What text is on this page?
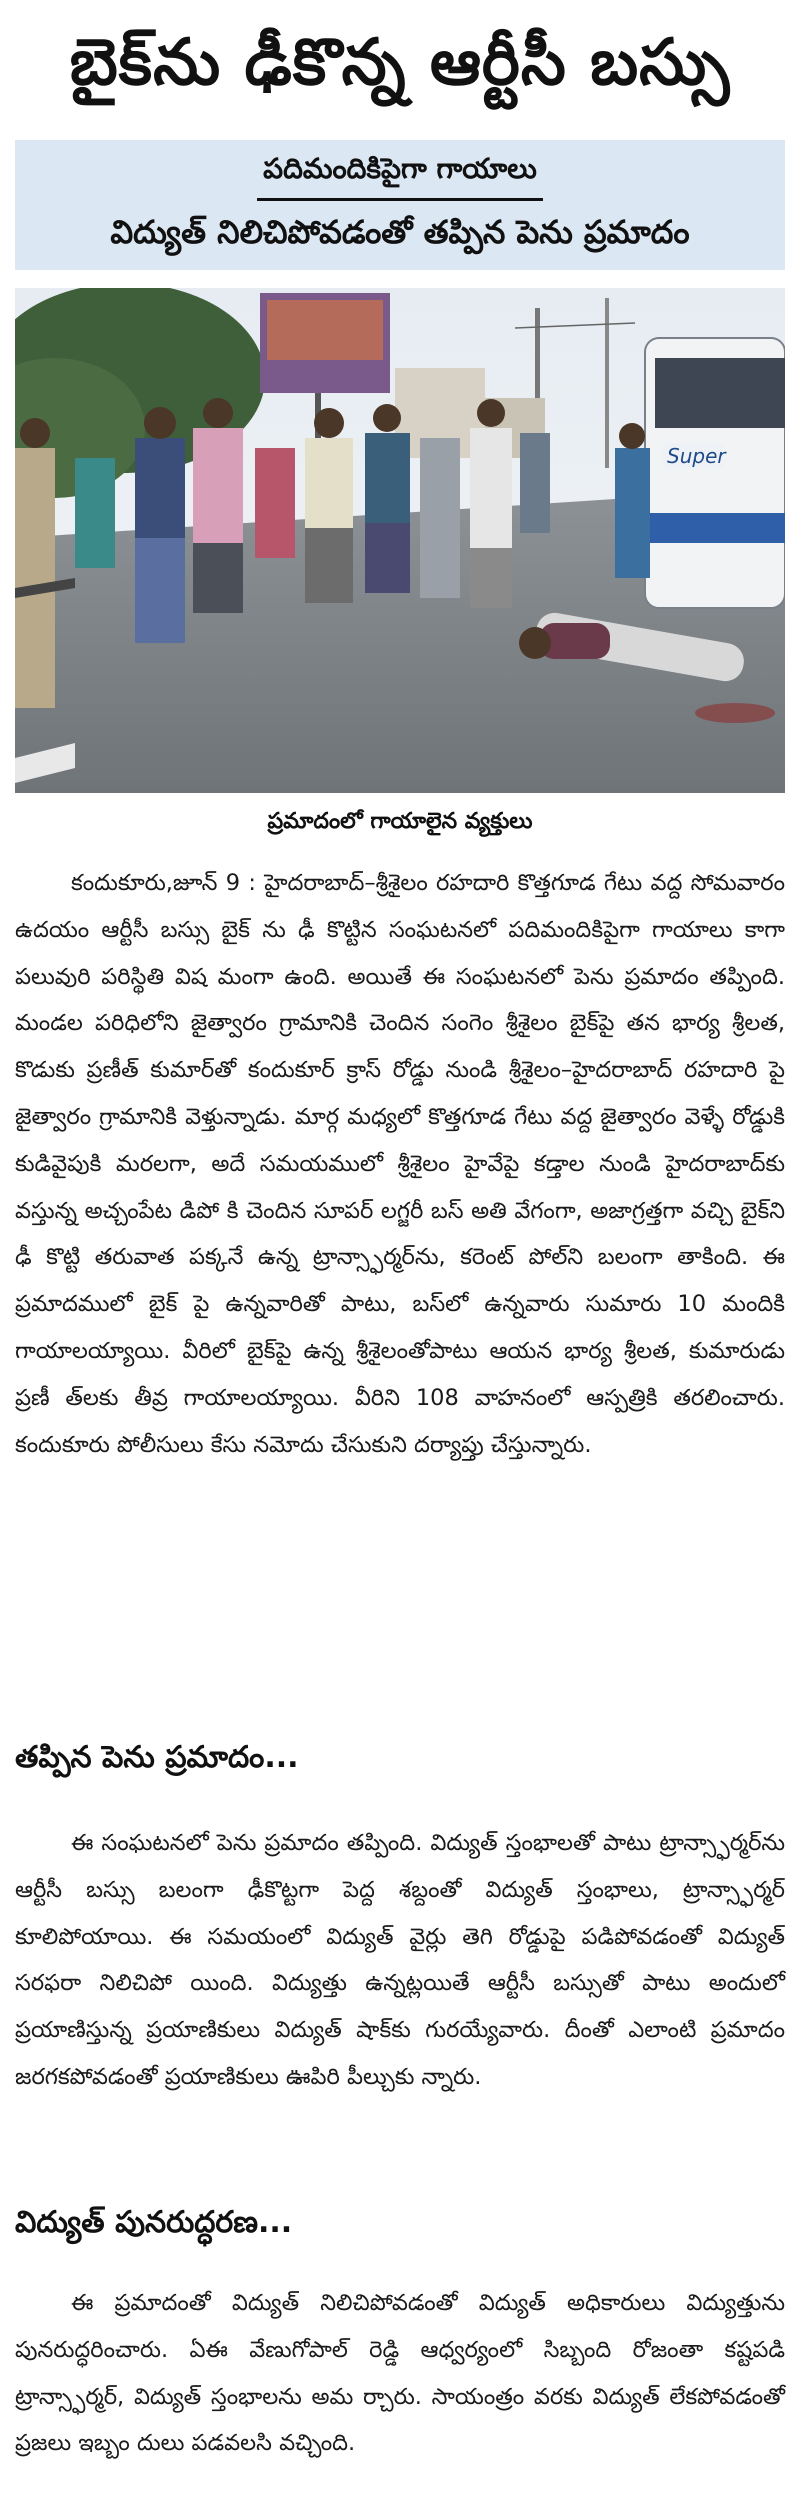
బైక్‌ను ఢీకొన్న ఆర్టీసీ బస్సు
పదిమందికిపైగా గాయాలు
విద్యుత్ నిలిచిపోవడంతో తప్పిన పెను ప్రమాదం
Super
ప్రమాదంలో గాయాలైన వ్యక్తులు

కందుకూరు,జూన్ 9 : హైదరాబాద్–శ్రీశైలం రహదారి కొత్తగూడ గేటు వద్ద సోమవారం ఉదయం ఆర్టీసీ బస్సు బైక్ ను ఢీ కొట్టిన సంఘటనలో పదిమందికిపైగా గాయాలు కాగా పలువురి పరిస్థితి విష మంగా ఉంది. అయితే ఈ సంఘటనలో పెను ప్రమాదం తప్పింది. మండల పరిధిలోని జైత్వారం గ్రామానికి చెందిన సంగెం శ్రీశైలం బైక్‌పై తన భార్య శ్రీలత, కొడుకు ప్రణీత్ కుమార్‌తో కందుకూర్ క్రాస్ రోడ్డు నుండి శ్రీశైలం–హైదరాబాద్ రహదారి పై జైత్వారం గ్రామానికి వెళ్తున్నాడు. మార్గ మధ్యలో కొత్తగూడ గేటు వద్ద జైత్వారం వెళ్ళే రోడ్డుకి కుడివైపుకి మరలగా, అదే సమయములో శ్రీశైలం హైవేపై కడ్తాల నుండి హైదరాబాద్‌కు వస్తున్న అచ్చంపేట డిపో కి చెందిన సూపర్ లగ్జరీ బస్ అతి వేగంగా, అజాగ్రత్తగా వచ్చి బైక్‌ని ఢీ కొట్టి తరువాత పక్కనే ఉన్న ట్రాన్స్ఫార్మర్‌ను, కరెంట్ పోల్‌ని బలంగా తాకింది. ఈ ప్రమాదములో బైక్ పై ఉన్నవారితో పాటు, బస్‌లో ఉన్నవారు సుమారు 10 మందికి గాయాలయ్యాయి. వీరిలో బైక్‌పై ఉన్న శ్రీశైలంతోపాటు ఆయన భార్య శ్రీలత, కుమారుడు ప్రణీ త్‌లకు తీవ్ర గాయాలయ్యాయి. వీరిని 108 వాహనంలో ఆస్పత్రికి తరలించారు. కందుకూరు పోలీసులు కేసు నమోదు చేసుకుని దర్యాప్తు చేస్తున్నారు.

తప్పిన పెను ప్రమాదం...

ఈ సంఘటనలో పెను ప్రమాదం తప్పింది. విద్యుత్ స్తంభాలతో పాటు ట్రాన్స్ఫార్మర్‌ను ఆర్టీసీ బస్సు బలంగా ఢీకొట్టగా పెద్ద శబ్దంతో విద్యుత్ స్తంభాలు, ట్రాన్స్ఫార్మర్ కూలిపోయాయి. ఈ సమయంలో విద్యుత్ వైర్లు తెగి రోడ్డుపై పడిపోవడంతో విద్యుత్ సరఫరా నిలిచిపో యింది. విద్యుత్తు ఉన్నట్లయితే ఆర్టీసీ బస్సుతో పాటు అందులో ప్రయాణిస్తున్న ప్రయాణికులు విద్యుత్ షాక్‌కు గురయ్యేవారు. దీంతో ఎలాంటి ప్రమాదం జరగకపోవడంతో ప్రయాణికులు ఊపిరి పీల్చుకు న్నారు.

విద్యుత్ పునరుద్ధరణ...

ఈ ప్రమాదంతో విద్యుత్ నిలిచిపోవడంతో విద్యుత్ అధికారులు విద్యుత్తును పునరుద్ధరించారు. ఏఈ వేణుగోపాల్ రెడ్డి ఆధ్వర్యంలో సిబ్బంది రోజంతా కష్టపడి ట్రాన్స్ఫార్మర్, విద్యుత్ స్తంభాలను అమ ర్చారు. సాయంత్రం వరకు విద్యుత్ లేకపోవడంతో ప్రజలు ఇబ్బం దులు పడవలసి వచ్చింది.
